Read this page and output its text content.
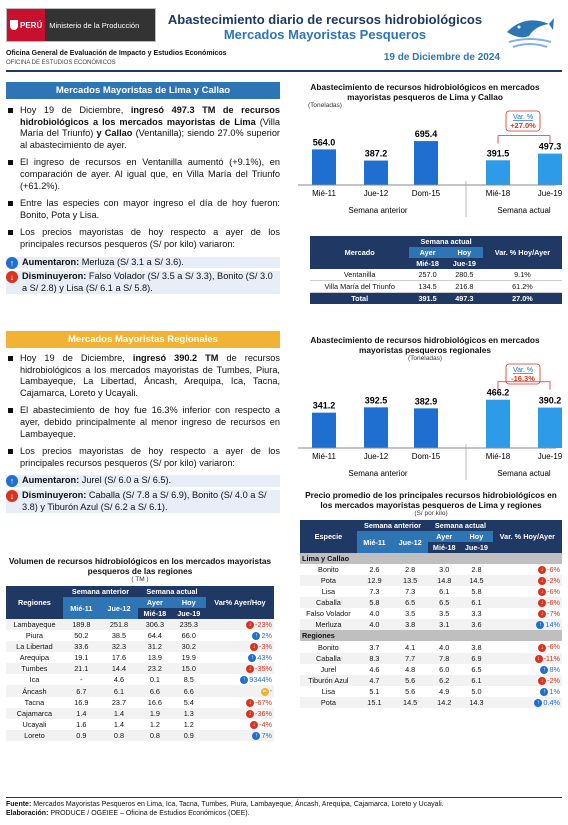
PERÚ Ministerio de la Producción	Abastecimiento diario de recursos hidrobiológicos
Mercados Mayoristas Pesqueros
Oficina General de Evaluación de Impacto y Estudios Económicos
OFICINA DE ESTUDIOS ECONÓMICOS	19 de Diciembre de 2024
Mercados Mayoristas de Lima y Callao
Hoy 19 de Diciembre, ingresó 497.3 TM de recursos hidrobiológicos a los mercados mayoristas de Lima (Villa María del Triunfo) y Callao (Ventanilla); siendo 27.0% superior al abastecimiento de ayer.
El ingreso de recursos en Ventanilla aumentó (+9.1%), en comparación de ayer. Al igual que, en Villa María del Triunfo (+61.2%).
Entre las especies con mayor ingreso el día de hoy fueron: Bonito, Pota y Lisa.
Los precios mayoristas de hoy respecto a ayer de los principales recursos pesqueros (S/ por kilo) variaron:
↑ Aumentaron: Merluza (S/ 3.1 a S/ 3.6).
↓ Disminuyeron: Falso Volador (S/ 3.5 a S/ 3.3), Bonito (S/ 3.0 a S/ 2.8) y Lisa (S/ 6.1 a S/ 5.8).
Mercados Mayoristas Regionales
Hoy 19 de Diciembre, ingresó 390.2 TM de recursos hidrobiológicos a los mercados mayoristas de Tumbes, Piura, Lambayeque, La Libertad, Áncash, Arequipa, Ica, Tacna, Cajamarca, Loreto y Ucayali.
El abastecimiento de hoy fue 16.3% inferior con respecto a ayer, debido principalmente al menor ingreso de recursos en Lambayeque.
Los precios mayoristas de hoy respecto a ayer de los principales recursos pesqueros (S/ por kilo) variaron:
↑ Aumentaron: Jurel (S/ 6.0 a S/ 6.5).
↓ Disminuyeron: Caballa (S/ 7.8 a S/ 6.9), Bonito (S/ 4.0 a S/ 3.8) y Tiburón Azul (S/ 6.2 a S/ 6.1).
Volumen de recursos hidrobiológicos en los mercados mayoristas pesqueros de las regiones
( TM )
Regiones	Semana anterior		Semana actual		Var% Ayer/Hoy
	Mié-11	Jue-12	Ayer	Hoy	
			Mié-18	Jue-19	
Lambayeque	189.8	251.8	306.3	235.3	↓ -23%
Piura	50.2	38.5	64.4	66.0	↑ 2%
La Libertad	33.6	32.3	31.2	30.2	↓ -3%
Arequipa	19.1	17.6	13.9	19.9	↑ 43%
Tumbes	21.1	14.4	23.2	15.0	↓ -35%
Ica	-	4.6	0.1	8.5	↑ 9344%
Áncash	6.7	6.1	6.6	6.6	= -
Tacna	16.9	23.7	16.6	5.4	↓ -67%
Cajamarca	1.4	1.4	1.9	1.3	↓ -36%
Ucayali	1.6	1.4	1.2	1.2	↓ -4%
Loreto	0.9	0.8	0.8	0.9	↑ 7%
Abastecimiento de recursos hidrobiológicos en mercados mayoristas pesqueros de Lima y Callao
(Toneladas)
564.0
Mié-11
387.2
Jue-12
695.4
Dom-15
391.5
Mié-18
497.3
Jue-19
Semana anterior	Semana actual
Var. %
+27.0%
Mercado	Semana actual		Var. % Hoy/Ayer
	Ayer	Hoy	
	Mié-18	Jue-19	
Ventanilla	257.0	280.5	9.1%
Villa María del Triunfo	134.5	216.8	61.2%
Total	391.5	497.3	27.0%
Abastecimiento de recursos hidrobiológicos en mercados mayoristas pesqueros regionales
(Toneladas)
341.2
Mié-11
392.5
Jue-12
382.9
Dom-15
466.2
Mié-18
390.2
Jue-19
Semana anterior	Semana actual
Var. %
-16.3%
Precio promedio de los principales recursos hidrobiológicos en los mercados mayoristas pesqueros de Lima y regiones
(S/ por kilo)
Especie	Semana anterior		Semana actual		Var. % Hoy/Ayer
	Mié-11	Jue-12	Ayer	Hoy	
			Mié-18	Jue-19	
Lima y Callao					
Bonito	2.6	2.8	3.0	2.8	↓ -6%
Pota	12.9	13.5	14.8	14.5	↓ -2%
Lisa	7.3	7.3	6.1	5.8	↓ -6%
Caballa	5.8	6.5	6.5	6.1	↓ -6%
Falso Volador	4.0	3.5	3.5	3.3	↓ -7%
Merluza	4.0	3.8	3.1	3.6	↑ 14%
Regiones					
Bonito	3.7	4.1	4.0	3.8	↓ -6%
Caballa	8.3	7.7	7.8	6.9	↓ -11%
Jurel	4.6	4.8	6.0	6.5	↑ 8%
Tiburón Azul	4.7	5.6	6.2	6.1	↓ -2%
Lisa	5.1	5.6	4.9	5.0	↑ 1%
Pota	15.1	14.5	14.2	14.3	↑ 0.4%
Fuente: Mercados Mayoristas Pesqueros en Lima, Ica, Tacna, Tumbes, Piura, Lambayeque, Áncash, Arequipa, Cajamarca, Loreto y Ucayali.
Elaboración: PRODUCE / OGEIEE – Oficina de Estudios Económicos (OEE).
